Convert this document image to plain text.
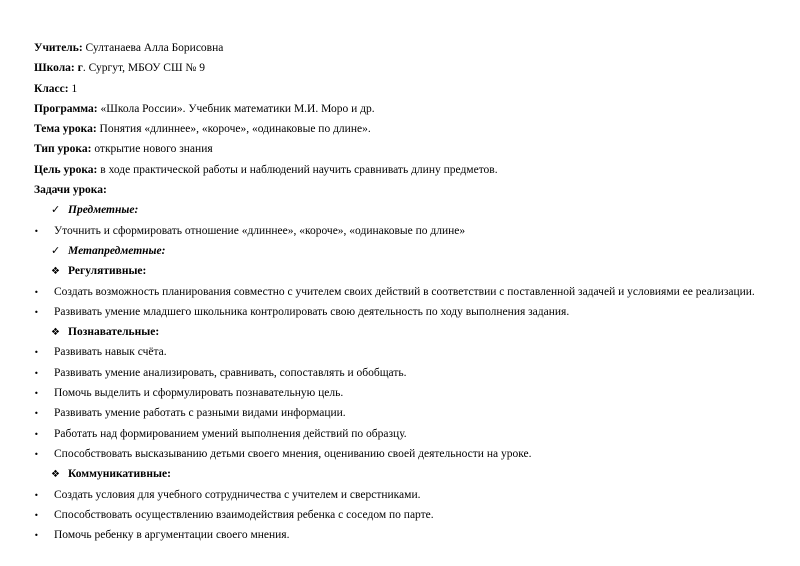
Учитель: Султанаева Алла Борисовна
Школа: г. Сургут, МБОУ СШ № 9
Класс: 1
Программа: «Школа России». Учебник математики М.И. Моро и др.
Тема урока: Понятия «длиннее», «короче», «одинаковые по длине».
Тип урока: открытие нового знания
Цель урока: в ходе практической работы и наблюдений научить сравнивать длину предметов.
Задачи урока:
✓ Предметные:
• Уточнить и сформировать отношение «длиннее», «короче», «одинаковые по длине»
✓ Метапредметные:
❖ Регулятивные:
• Создать возможность планирования совместно с учителем своих действий в соответствии с поставленной задачей и условиями ее реализации.
• Развивать умение младшего школьника контролировать свою деятельность по ходу выполнения задания.
❖ Познавательные:
• Развивать навык счёта.
• Развивать умение анализировать, сравнивать, сопоставлять и обобщать.
• Помочь выделить и сформулировать познавательную цель.
• Развивать умение работать с разными видами информации.
• Работать над формированием умений выполнения действий по образцу.
• Способствовать высказыванию детьми своего мнения, оцениванию своей деятельности на уроке.
❖ Коммуникативные:
• Создать условия для учебного сотрудничества с учителем и сверстниками.
• Способствовать осуществлению взаимодействия ребенка с соседом по парте.
• Помочь ребенку в аргументации своего мнения.
